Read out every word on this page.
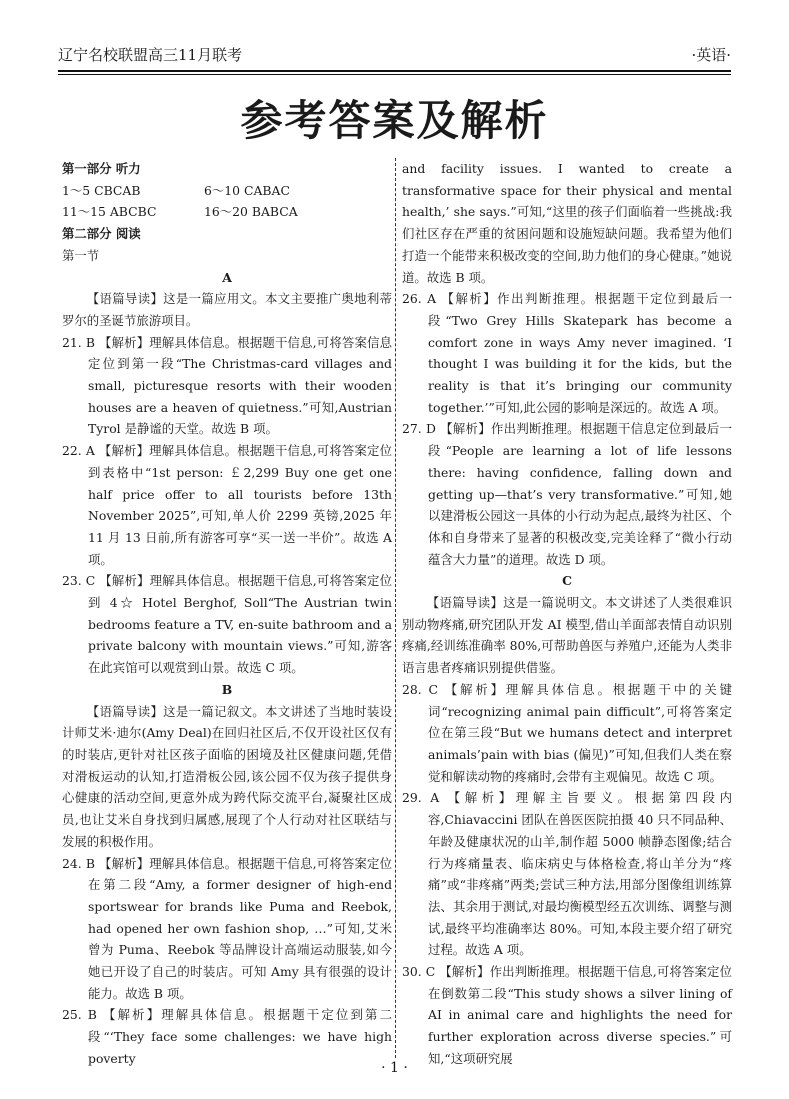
辽宁名校联盟高三11月联考	·英语·
参考答案及解析

第一部分 听力

1～5 CBCAB	6～10 CABAC

11～15 ABCBC	16～20 BABCA

第二部分 阅读

第一节

A

【语篇导读】这是一篇应用文。本文主要推广奥地利蒂罗尔的圣诞节旅游项目。

21. B 【解析】理解具体信息。根据题干信息,可将答案信息定位到第一段“The Christmas-card villages and small, picturesque resorts with their wooden houses are a heaven of quietness.”可知,Austrian Tyrol 是静谧的天堂。故选 B 项。

22. A 【解析】理解具体信息。根据题干信息,可将答案定位到表格中“1st person: ￡2,299 Buy one get one half price offer to all tourists before 13th November 2025”,可知,单人价 2299 英镑,2025 年 11 月 13 日前,所有游客可享“买一送一半价”。故选 A 项。

23. C 【解析】理解具体信息。根据题干信息,可将答案定位到 4☆ Hotel Berghof, Soll“The Austrian twin bedrooms feature a TV, en-suite bathroom and a private balcony with mountain views.”可知,游客在此宾馆可以观赏到山景。故选 C 项。

B

【语篇导读】这是一篇记叙文。本文讲述了当地时装设计师艾米·迪尔(Amy Deal)在回归社区后,不仅开设社区仅有的时装店,更针对社区孩子面临的困境及社区健康问题,凭借对滑板运动的认知,打造滑板公园,该公园不仅为孩子提供身心健康的活动空间,更意外成为跨代际交流平台,凝聚社区成员,也让艾米自身找到归属感,展现了个人行动对社区联结与发展的积极作用。

24. B 【解析】理解具体信息。根据题干信息,可将答案定位在第二段“Amy, a former designer of high-end sportswear for brands like Puma and Reebok, had opened her own fashion shop, …”可知,艾米曾为 Puma、Reebok 等品牌设计高端运动服装,如今她已开设了自己的时装店。可知 Amy 具有很强的设计能力。故选 B 项。

25. B 【解析】理解具体信息。根据题干定位到第二段“‘They face some challenges: we have high poverty

and facility issues. I wanted to create a transformative space for their physical and mental health,’ she says.”可知,“这里的孩子们面临着一些挑战:我们社区存在严重的贫困问题和设施短缺问题。我希望为他们打造一个能带来积极改变的空间,助力他们的身心健康。”她说道。故选 B 项。

26. A 【解析】作出判断推理。根据题干定位到最后一段“Two Grey Hills Skatepark has become a comfort zone in ways Amy never imagined. ‘I thought I was building it for the kids, but the reality is that it’s bringing our community together.’”可知,此公园的影响是深远的。故选 A 项。

27. D 【解析】作出判断推理。根据题干信息定位到最后一段“People are learning a lot of life lessons there: having confidence, falling down and getting up—that’s very transformative.”可知,她以建滑板公园这一具体的小行动为起点,最终为社区、个体和自身带来了显著的积极改变,完美诠释了“微小行动蕴含大力量”的道理。故选 D 项。

C

【语篇导读】这是一篇说明文。本文讲述了人类很难识别动物疼痛,研究团队开发 AI 模型,借山羊面部表情自动识别疼痛,经训练准确率 80%,可帮助兽医与养殖户,还能为人类非语言患者疼痛识别提供借鉴。

28. C 【解析】理解具体信息。根据题干中的关键词“recognizing animal pain difficult”,可将答案定位在第三段“But we humans detect and interpret animals’pain with bias (偏见)”可知,但我们人类在察觉和解读动物的疼痛时,会带有主观偏见。故选 C 项。

29. A 【解析】理解主旨要义。根据第四段内容,Chiavaccini 团队在兽医医院拍摄 40 只不同品种、年龄及健康状况的山羊,制作超 5000 帧静态图像;结合行为疼痛量表、临床病史与体格检查,将山羊分为“疼痛”或“非疼痛”两类;尝试三种方法,用部分图像组训练算法、其余用于测试,对最均衡模型经五次训练、调整与测试,最终平均准确率达 80%。可知,本段主要介绍了研究过程。故选 A 项。

30. C 【解析】作出判断推理。根据题干信息,可将答案定位在倒数第二段“This study shows a silver lining of AI in animal care and highlights the need for further exploration across diverse species.”可知,“这项研究展

· 1 ·
